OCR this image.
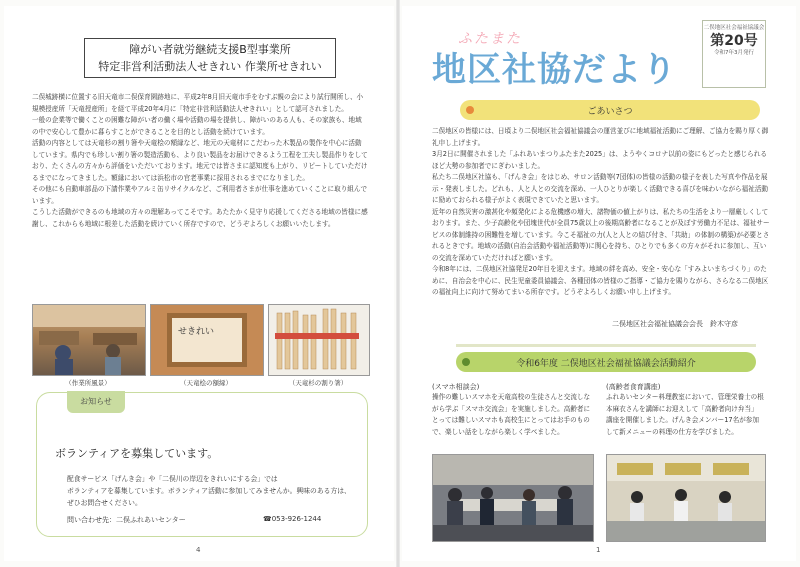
障がい者就労継続支援B型事業所
特定非営利活動法人せきれい 作業所せきれい
二俣城跡横に位置する旧天竜市二俣保育園跡地に、平成2年8月旧天竜市手をむすぶ親の会により試行開所し、小規模授産所「天竜授産所」を経て平成20年4月に「特定非営利活動法人せきれい」として認可されました。
一般の企業等で働くことの困難な障がい者の働く場や活動の場を提供し、障がいのある人も、その家族も、地域の中で安心して豊かに暮らすことができることを目的とし活動を続けています。
活動の内容としては天竜杉の割り箸や天竜桧の額縁など、地元の天竜材にこだわった木製品の製作を中心に活動しています。県内でも珍しい割り箸の製造活動も、より良い製品をお届けできるよう工程を工夫し製品作りをしており、たくさんの方々から評価をいただいております。地元では皆さまに認知度も上がり、リピートしていただけるまでになってきました。額縁においては浜松市の官老事業に採用されるまでになりました。
その他にも自動車部品の下請作業やアルミ缶リサイクルなど、ご利用者さまが仕事を進めていくことに取り組んでいます。
こうした活動ができるのも地域の方々の理解あってこそです。あたたかく見守り応援してくださる地域の皆様に感謝し、これからも地域に根差した活動を続けていく所存ですので、どうぞよろしくお願いいたします。
（作業所風景）
せきれい
（天竜桧の額縁）	（天竜杉の割り箸）
お知らせ
ボランティアを募集しています。
配食サービス「げんき会」や「二俣川の岸辺をきれいにする会」では
ボランティアを募集しています。ボランティア活動に参加してみませんか。興味のある方は、ぜひお問合せください。
問い合わせ先：二俣ふれあいセンター	☎053-926-1244
4
ふたまた
地区社協だより
二俣地区社会福祉協議会
第20号
令和7年3月発行
ごあいさつ
二俣地区の皆様には、日頃より二俣地区社会福祉協議会の運営並びに地域福祉活動にご理解、ご協力を賜り厚く御礼申し上げます。
3月2日に開催されました「ふれあいまつりふたまた2025」は、ようやくコロナ以前の姿にもどったと感じられるほど大勢の参加者でにぎわいました。
私たち二俣地区社協も、「げんき会」をはじめ、サロン活動等(7団体)の皆様の活動の様子を表した写真や作品を展示・発表しました。どれも、人と人との交流を深め、一人ひとりが楽しく活動できる喜びを味わいながら福祉活動に励めておられる様子がよく表現できていたと思います。
近年の自然災害の激甚化や頻発化による危機感の増大、諸物価の値上がりは、私たちの生活をより一層厳しくしております。また、少子高齢化や団塊世代が全員75歳以上の後期高齢者になることが及ぼす労働力不足は、福祉サービスの体制維持の困難性を増しています。今こそ福祉の力(人と人との結び付き、「共助」の体制の構築)が必要とされるときです。地域の活動(自治会活動や福祉活動等)に関心を持ち、ひとりでも多くの方々がそれに参加し、互いの交流を深めていただければと願います。
今和8年には、二俣地区社協発足20年目を迎えます。地域の絆を高め、安全・安心な「すみよいまちづくり」のために、自治会を中心に、民生児童委員協議会、各種団体の皆様のご指導・ご協力を賜りながら、さらなる二俣地区の福祉向上に向けて努めてまいる所存です。どうぞよろしくお願い申し上げます。
二俣地区社会福祉協議会会長　鈴木守彦
令和6年度 二俣地区社会福祉協議会活動紹介
(スマホ相談会)
操作の難しいスマホを天竜高校の生徒さんと交流しながら学ぶ「スマホ交流会」を実施しました。高齢者にとっては難しいスマホも高校生にとってはお手のもので、楽しい話をしながら楽しく学べました。
(高齢者食育講座)
ふれあいセンター料理教室において、管理栄養士の根本麻衣さんを講師にお迎えして「高齢者向け弁当」講座を開催しました。げんき会メンバー17名が参加して新メニューの料理の仕方を学びました。
1
